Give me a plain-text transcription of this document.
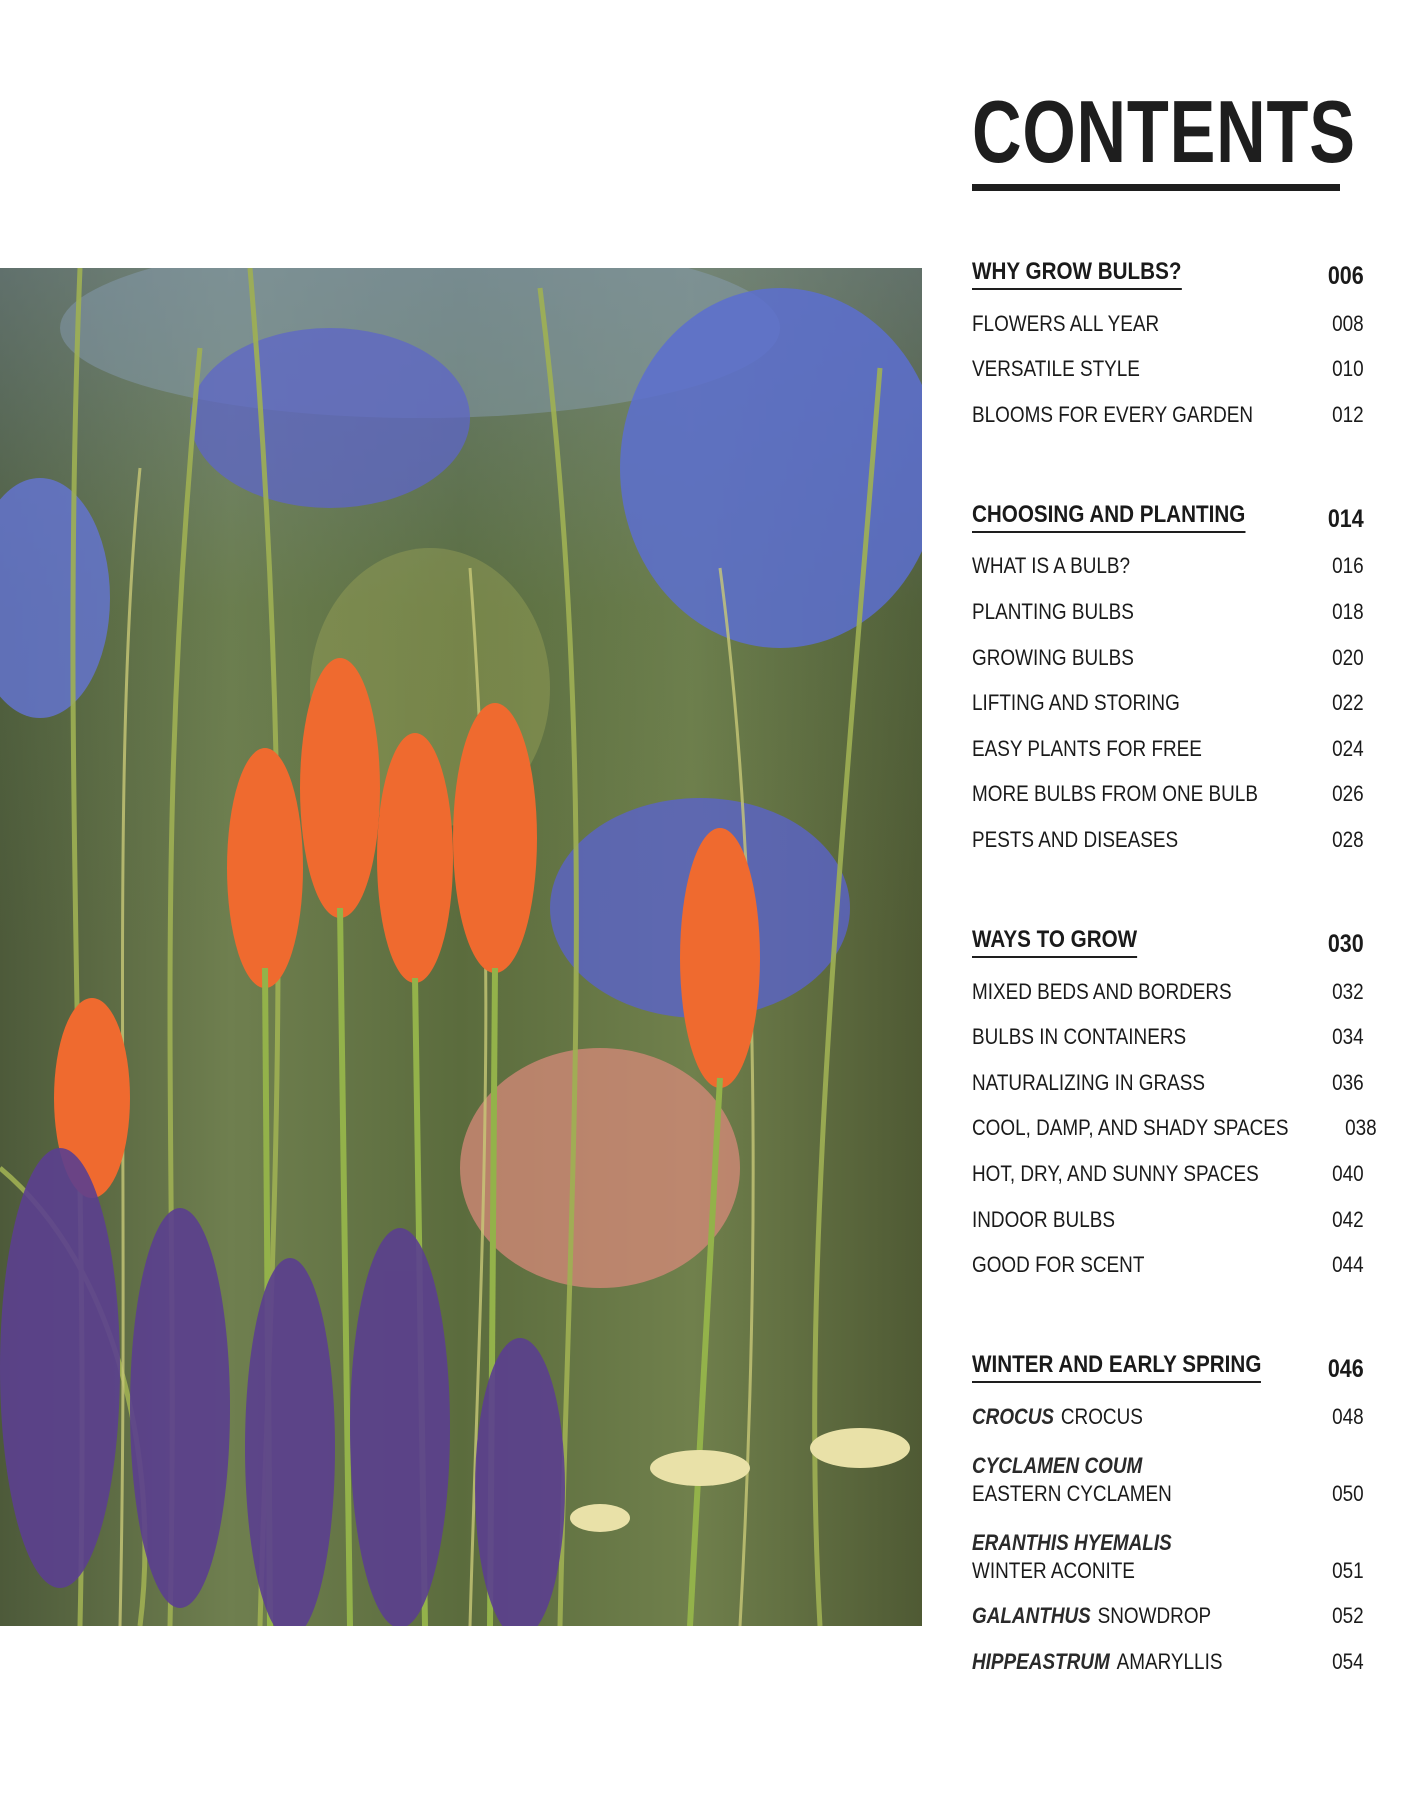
CONTENTS
WHY GROW BULBS?	006
FLOWERS ALL YEAR	008
VERSATILE STYLE	010
BLOOMS FOR EVERY GARDEN	012
CHOOSING AND PLANTING	014
WHAT IS A BULB?	016
PLANTING BULBS	018
GROWING BULBS	020
LIFTING AND STORING	022
EASY PLANTS FOR FREE	024
MORE BULBS FROM ONE BULB	026
PESTS AND DISEASES	028
WAYS TO GROW	030
MIXED BEDS AND BORDERS	032
BULBS IN CONTAINERS	034
NATURALIZING IN GRASS	036
COOL, DAMP, AND SHADY SPACES	038
HOT, DRY, AND SUNNY SPACES	040
INDOOR BULBS	042
GOOD FOR SCENT	044
WINTER AND EARLY SPRING	046
CROCUS CROCUS	048
CYCLAMEN COUM
EASTERN CYCLAMEN	050
ERANTHIS HYEMALIS
WINTER ACONITE	051
GALANTHUS SNOWDROP	052
HIPPEASTRUM AMARYLLIS	054
